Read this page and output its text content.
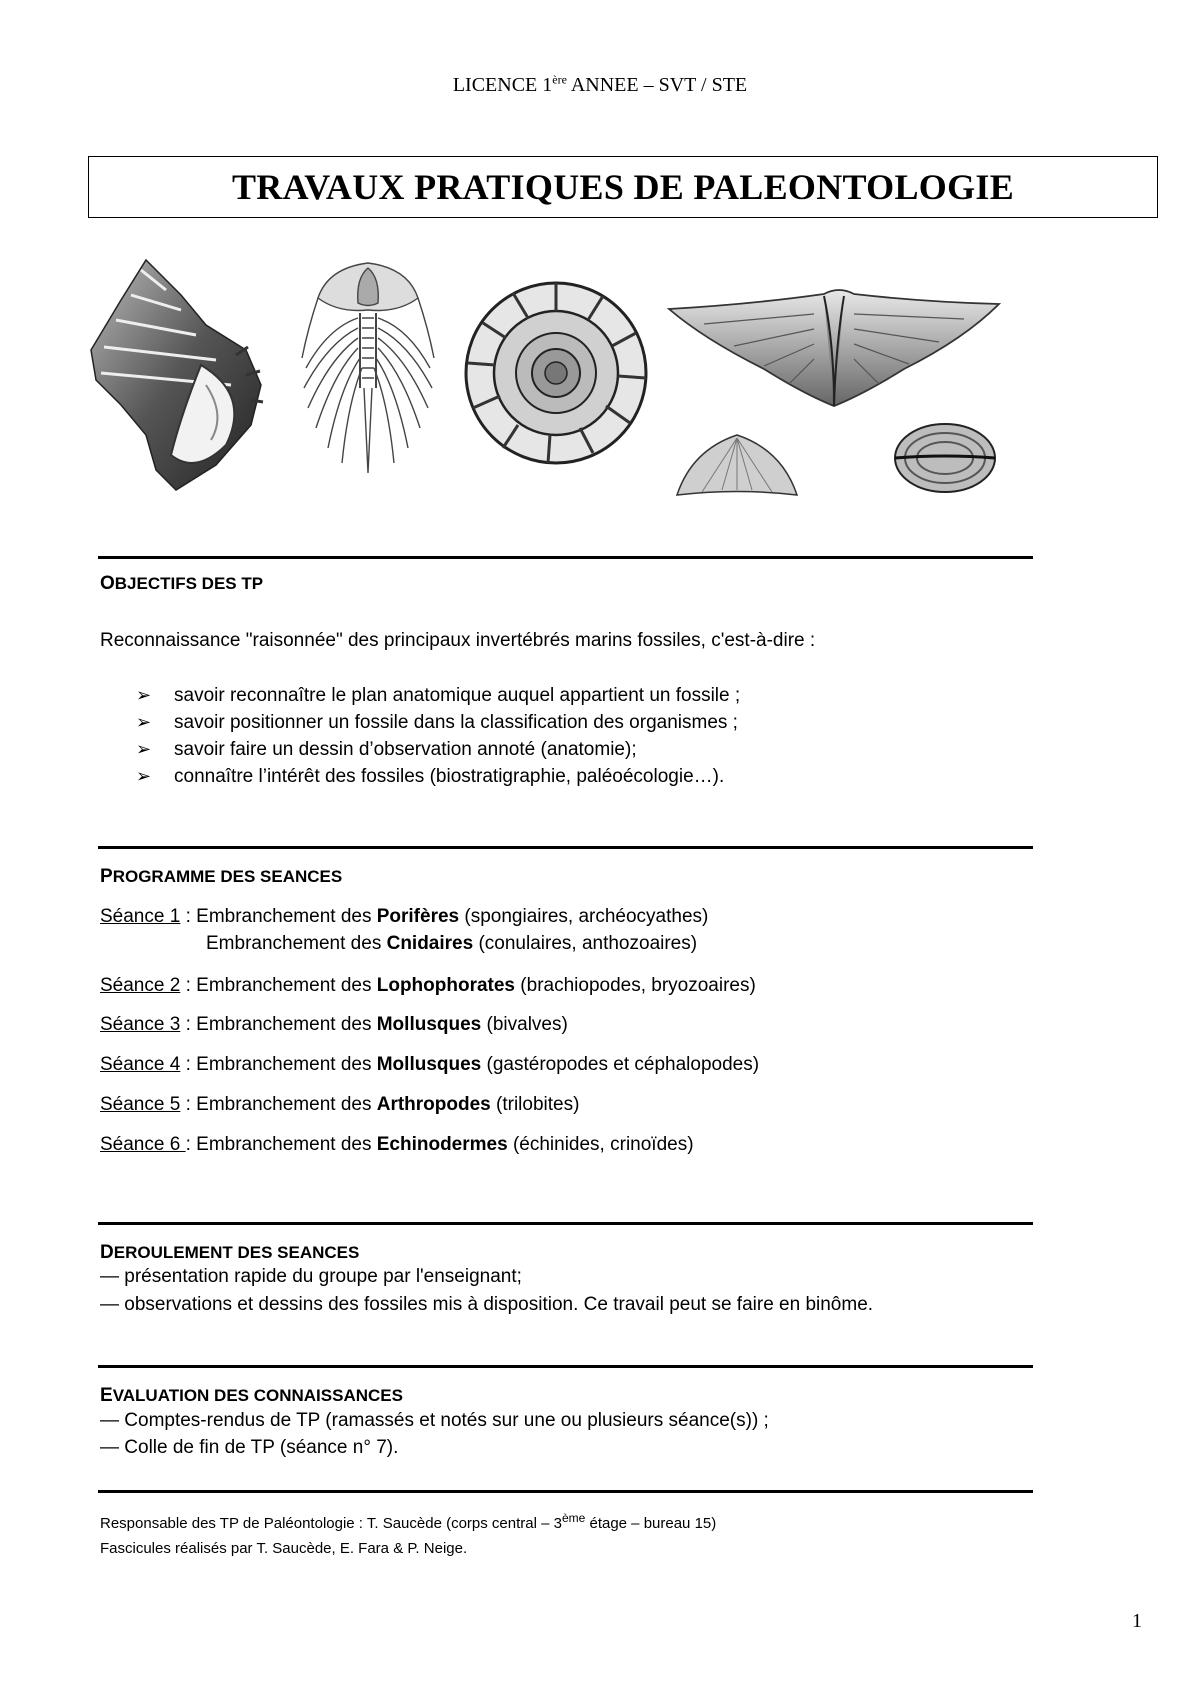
LICENCE 1ère ANNEE – SVT / STE
TRAVAUX PRATIQUES DE PALEONTOLOGIE
OBJECTIFS DES TP
Reconnaissance "raisonnée" des principaux invertébrés marins fossiles, c'est-à-dire :
➢ savoir reconnaître le plan anatomique auquel appartient un fossile ;
➢ savoir positionner un fossile dans la classification des organismes ;
➢ savoir faire un dessin d’observation annoté (anatomie);
➢ connaître l’intérêt des fossiles (biostratigraphie, paléoécologie…).
PROGRAMME DES SEANCES
Séance 1 : Embranchement des Porifères (spongiaires, archéocyathes)
Embranchement des Cnidaires (conulaires, anthozoaires)
Séance 2 : Embranchement des Lophophorates (brachiopodes, bryozoaires)
Séance 3 : Embranchement des Mollusques (bivalves)
Séance 4 : Embranchement des Mollusques (gastéropodes et céphalopodes)
Séance 5 : Embranchement des Arthropodes (trilobites)
Séance 6 : Embranchement des Echinodermes (échinides, crinoïdes)
DEROULEMENT DES SEANCES
— présentation rapide du groupe par l'enseignant;
— observations et dessins des fossiles mis à disposition. Ce travail peut se faire en binôme.
EVALUATION DES CONNAISSANCES
— Comptes-rendus de TP (ramassés et notés sur une ou plusieurs séance(s)) ;
— Colle de fin de TP (séance n° 7).
Responsable des TP de Paléontologie : T. Saucède (corps central – 3ème étage – bureau 15)
Fascicules réalisés par T. Saucède, E. Fara & P. Neige.
1
